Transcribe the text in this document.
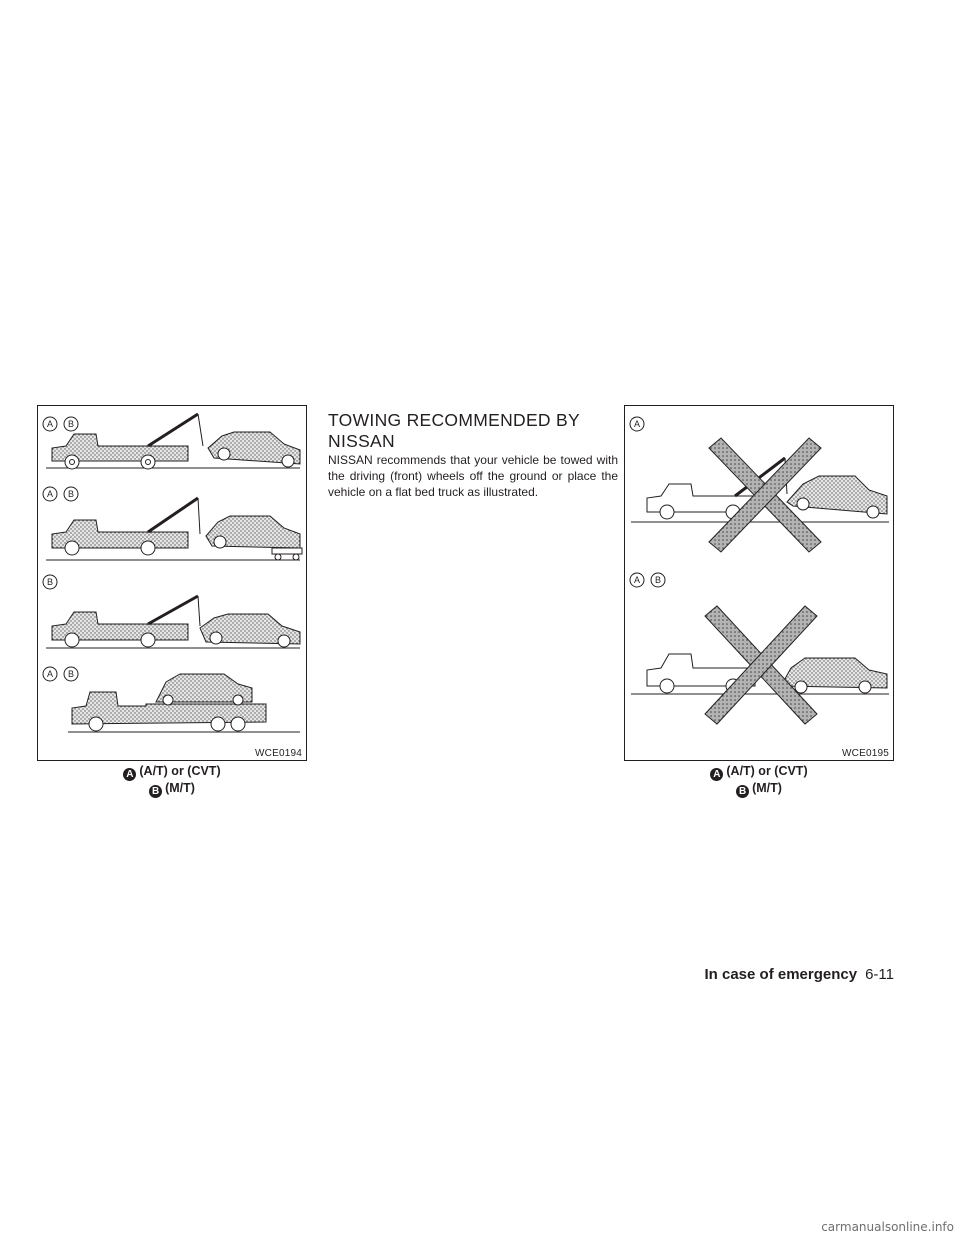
A B
A B
B
A B
WCE0194
A (A/T) or (CVT)
B (M/T)
TOWING RECOMMENDED BY NISSAN
NISSAN recommends that your vehicle be towed with the driving (front) wheels off the ground or place the vehicle on a flat bed truck as illustrated.
A
A B
WCE0195
A (A/T) or (CVT)
B (M/T)
In case of emergency 6-11
carmanualsonline.info
